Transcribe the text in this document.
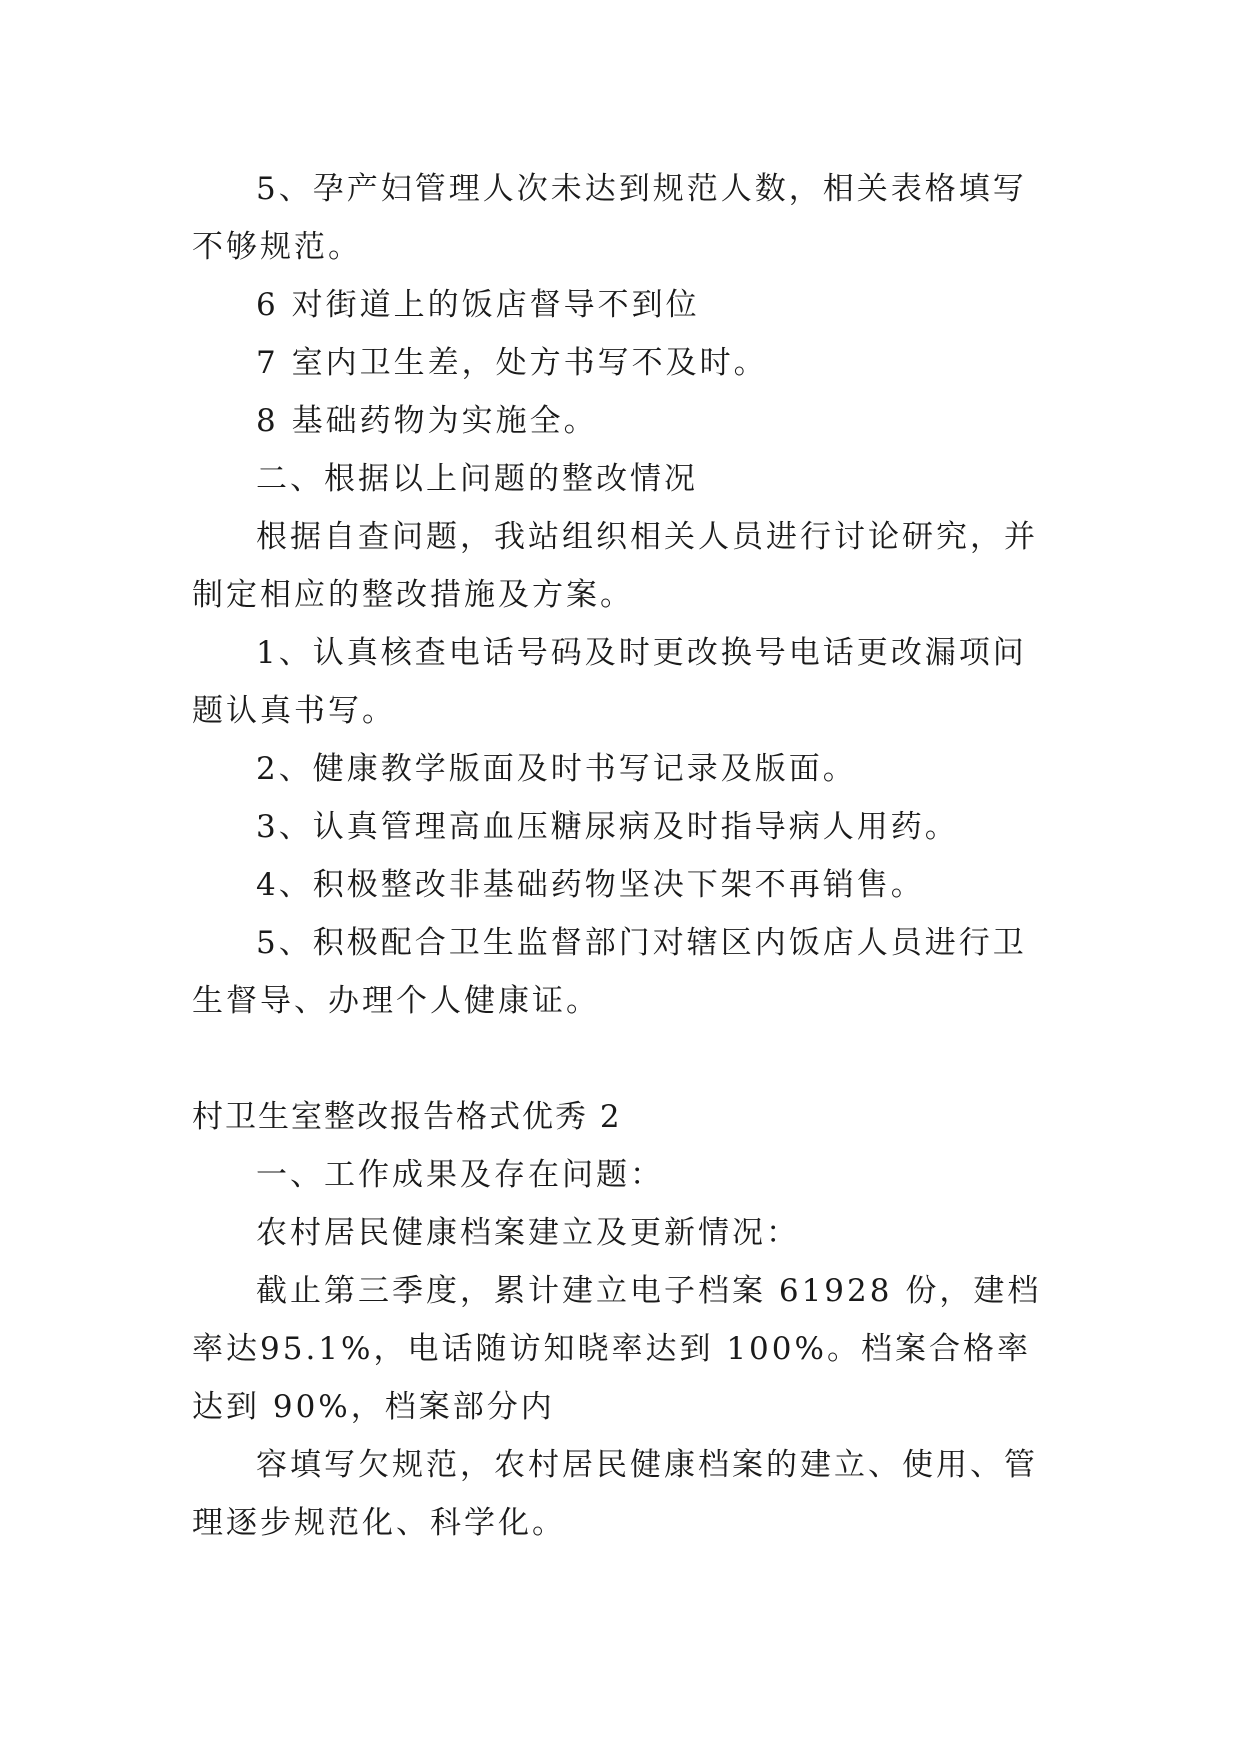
5、孕产妇管理人次未达到规范人数，相关表格填写不够规范。

6 对街道上的饭店督导不到位

7 室内卫生差，处方书写不及时。

8 基础药物为实施全。

二、根据以上问题的整改情况

根据自查问题，我站组织相关人员进行讨论研究，并制定相应的整改措施及方案。

1、认真核查电话号码及时更改换号电话更改漏项问题认真书写。

2、健康教学版面及时书写记录及版面。

3、认真管理高血压糖尿病及时指导病人用药。

4、积极整改非基础药物坚决下架不再销售。

5、积极配合卫生监督部门对辖区内饭店人员进行卫生督导、办理个人健康证。

村卫生室整改报告格式优秀 2

一、工作成果及存在问题：

农村居民健康档案建立及更新情况：

截止第三季度，累计建立电子档案 61928 份，建档率达95.1%，电话随访知晓率达到 100%。档案合格率达到 90%，档案部分内

容填写欠规范，农村居民健康档案的建立、使用、管理逐步规范化、科学化。
